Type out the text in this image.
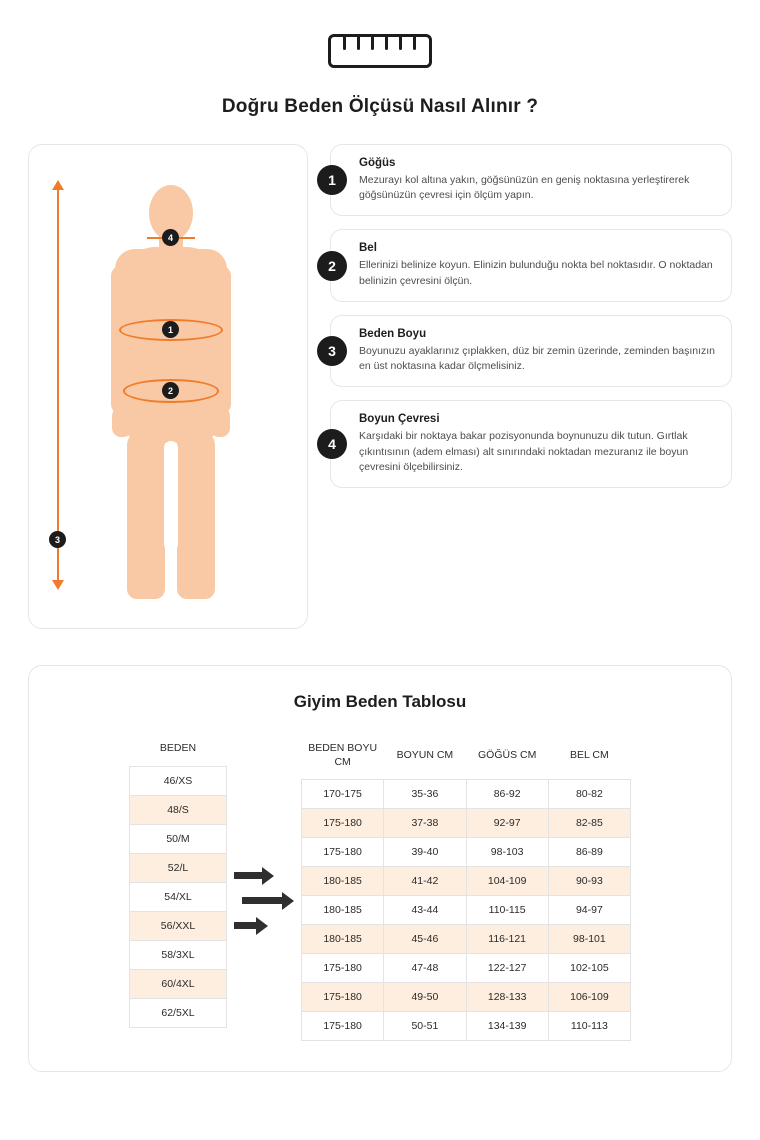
Doğru Beden Ölçüsü Nasıl Alınır ?
3
4
1
2
1
Göğüs
Mezurayı kol altına yakın, göğsünüzün en geniş noktasına yerleştirerek göğsünüzün çevresi için ölçüm yapın.
2
Bel
Ellerinizi belinize koyun. Elinizin bulunduğu nokta bel noktasıdır. O noktadan belinizin çevresini ölçün.
3
Beden Boyu
Boyunuzu ayaklarınız çıplakken, düz bir zemin üzerinde, zeminden başınızın en üst noktasına kadar ölçmelisiniz.
4
Boyun Çevresi
Karşıdaki bir noktaya bakar pozisyonunda boynunuzu dik tutun. Gırtlak çıkıntısının (adem elması) alt sınırındaki noktadan mezuranız ile boyun çevresini ölçebilirsiniz.
Giyim Beden Tablosu
BEDEN
46/XS
48/S
50/M
52/L
54/XL
56/XXL
58/3XL
60/4XL
62/5XL
BEDEN BOYU CM	BOYUN CM	GÖĞÜS CM	BEL CM
170-175	35-36	86-92	80-82
175-180	37-38	92-97	82-85
175-180	39-40	98-103	86-89
180-185	41-42	104-109	90-93
180-185	43-44	110-115	94-97
180-185	45-46	116-121	98-101
175-180	47-48	122-127	102-105
175-180	49-50	128-133	106-109
175-180	50-51	134-139	110-113
